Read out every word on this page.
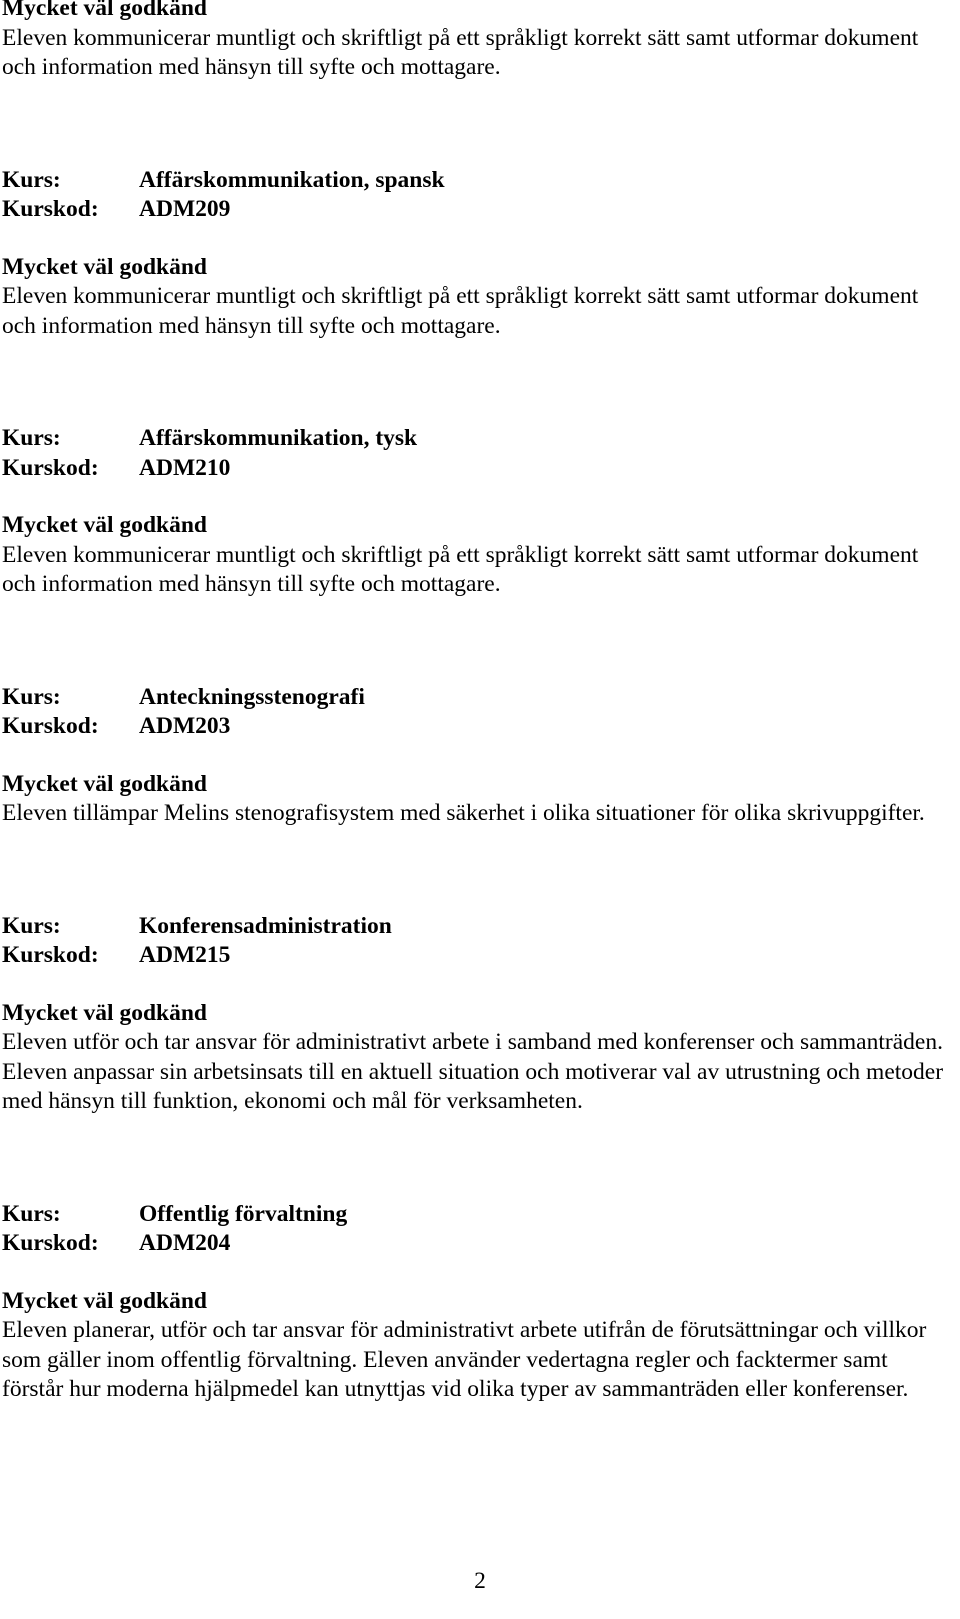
Mycket väl godkänd

Eleven kommunicerar muntligt och skriftligt på ett språkligt korrekt sätt samt utformar dokument och information med hänsyn till syfte och mottagare.

Kurs:	Affärskommunikation, spansk
Kurskod:	ADM209

Mycket väl godkänd

Eleven kommunicerar muntligt och skriftligt på ett språkligt korrekt sätt samt utformar dokument och information med hänsyn till syfte och mottagare.

Kurs:	Affärskommunikation, tysk
Kurskod:	ADM210

Mycket väl godkänd

Eleven kommunicerar muntligt och skriftligt på ett språkligt korrekt sätt samt utformar dokument och information med hänsyn till syfte och mottagare.

Kurs:	Anteckningsstenografi
Kurskod:	ADM203

Mycket väl godkänd

Eleven tillämpar Melins stenografisystem med säkerhet i olika situationer för olika skrivuppgifter.

Kurs:	Konferensadministration
Kurskod:	ADM215

Mycket väl godkänd

Eleven utför och tar ansvar för administrativt arbete i samband med konferenser och sammanträden. Eleven anpassar sin arbetsinsats till en aktuell situation och motiverar val av utrustning och metoder med hänsyn till funktion, ekonomi och mål för verksamheten.

Kurs:	Offentlig förvaltning
Kurskod:	ADM204

Mycket väl godkänd

Eleven planerar, utför och tar ansvar för administrativt arbete utifrån de förutsättningar och villkor som gäller inom offentlig förvaltning. Eleven använder vedertagna regler och facktermer samt förstår hur moderna hjälpmedel kan utnyttjas vid olika typer av sammanträden eller konferenser.

2
